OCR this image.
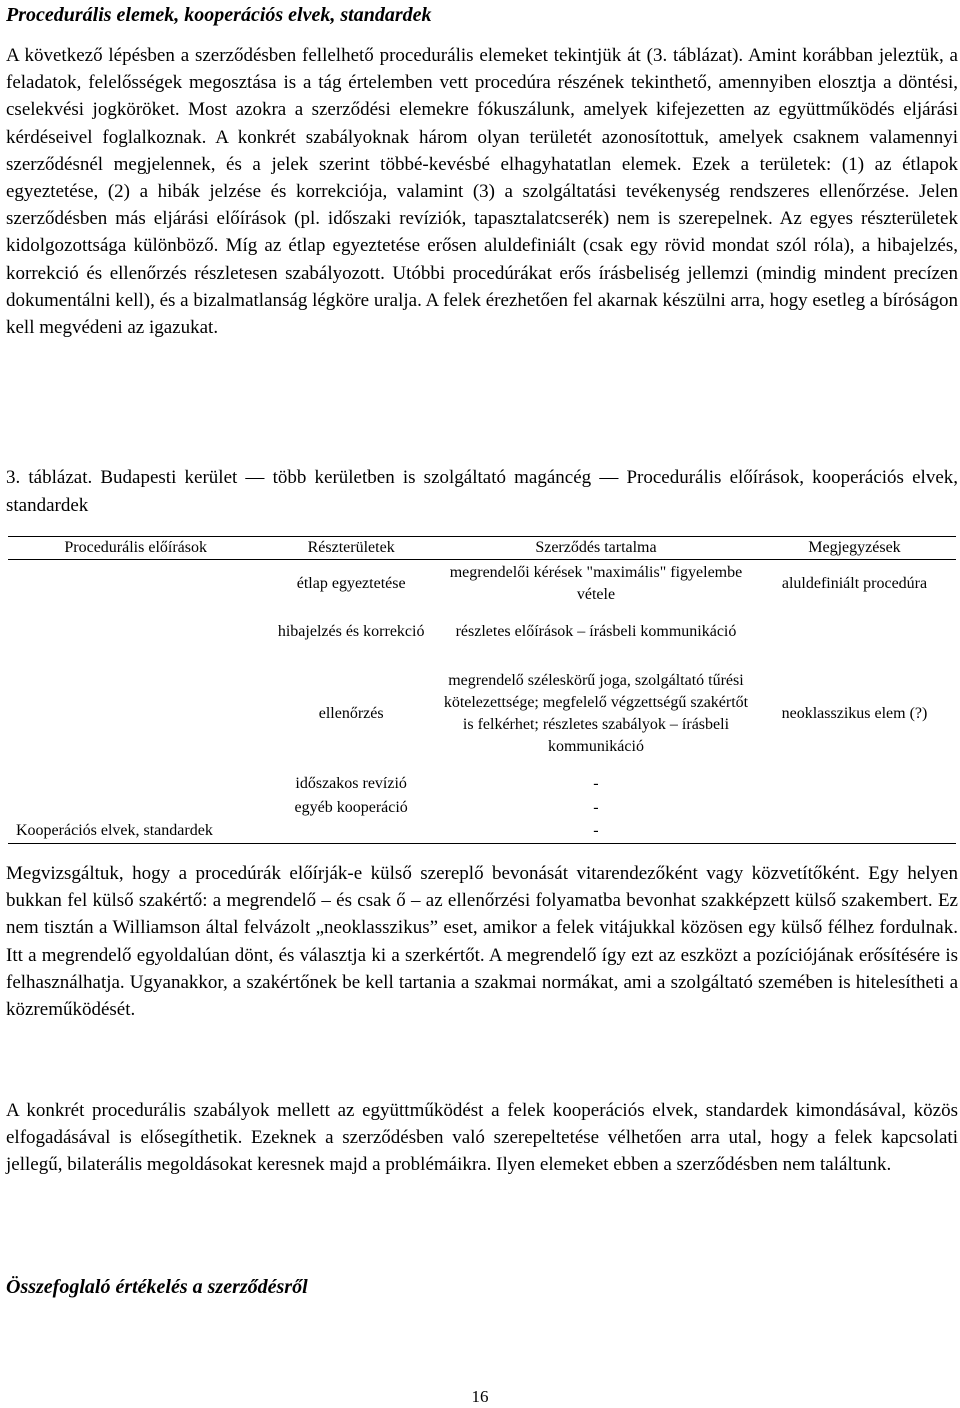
Procedurális elemek, kooperációs elvek, standardek

A következő lépésben a szerződésben fellelhető procedurális elemeket tekintjük át (3. táblázat). Amint korábban jeleztük, a feladatok, felelősségek megosztása is a tág értelemben vett procedúra részének tekinthető, amennyiben elosztja a döntési, cselekvési jogköröket. Most azokra a szerződési elemekre fókuszálunk, amelyek kifejezetten az együttműködés eljárási kérdéseivel foglalkoznak. A konkrét szabályoknak három olyan területét azonosítottuk, amelyek csaknem valamennyi szerződésnél megjelennek, és a jelek szerint többé-kevésbé elhagyhatatlan elemek. Ezek a területek: (1) az étlapok egyeztetése, (2) a hibák jelzése és korrekciója, valamint (3) a szolgáltatási tevékenység rendszeres ellenőrzése. Jelen szerződésben más eljárási előírások (pl. időszaki revíziók, tapasztalatcserék) nem is szerepelnek. Az egyes részterületek kidolgozottsága különböző. Míg az étlap egyeztetése erősen aluldefiniált (csak egy rövid mondat szól róla), a hibajelzés, korrekció és ellenőrzés részletesen szabályozott. Utóbbi procedúrákat erős írásbeliség jellemzi (mindig mindent precízen dokumentálni kell), és a bizalmatlanság légköre uralja. A felek érezhetően fel akarnak készülni arra, hogy esetleg a bíróságon kell megvédeni az igazukat.

3. táblázat. Budapesti kerület — több kerületben is szolgáltató magáncég — Procedurális előírások, kooperációs elvek, standardek
Procedurális előírások	Részterületek	Szerződés tartalma	Megjegyzések
	étlap egyeztetése	megrendelői kérések "maximális" figyelembe vétele	aluldefiniált procedúra
	hibajelzés és korrekció	részletes előírások – írásbeli kommunikáció	
	ellenőrzés	megrendelő széleskörű joga, szolgáltató tűrési kötelezettsége; megfelelő végzettségű szakértőt is felkérhet; részletes szabályok – írásbeli kommunikáció	neoklasszikus elem (?)
	időszakos revízió	-	
	egyéb kooperáció	-	
Kooperációs elvek, standardek		-	

Megvizsgáltuk, hogy a procedúrák előírják-e külső szereplő bevonását vitarendezőként vagy közvetítőként. Egy helyen bukkan fel külső szakértő: a megrendelő – és csak ő – az ellenőrzési folyamatba bevonhat szakképzett külső szakembert. Ez nem tisztán a Williamson által felvázolt „neoklasszikus” eset, amikor a felek vitájukkal közösen egy külső félhez fordulnak. Itt a megrendelő egyoldalúan dönt, és választja ki a szerkértőt. A megrendelő így ezt az eszközt a pozíciójának erősítésére is felhasználhatja. Ugyanakkor, a szakértőnek be kell tartania a szakmai normákat, ami a szolgáltató szemében is hitelesítheti a közreműködését.

A konkrét procedurális szabályok mellett az együttműködést a felek kooperációs elvek, standardek kimondásával, közös elfogadásával is elősegíthetik. Ezeknek a szerződésben való szerepeltetése vélhetően arra utal, hogy a felek kapcsolati jellegű, bilaterális megoldásokat keresnek majd a problémáikra. Ilyen elemeket ebben a szerződésben nem találtunk.

Összefoglaló értékelés a szerződésről
16
